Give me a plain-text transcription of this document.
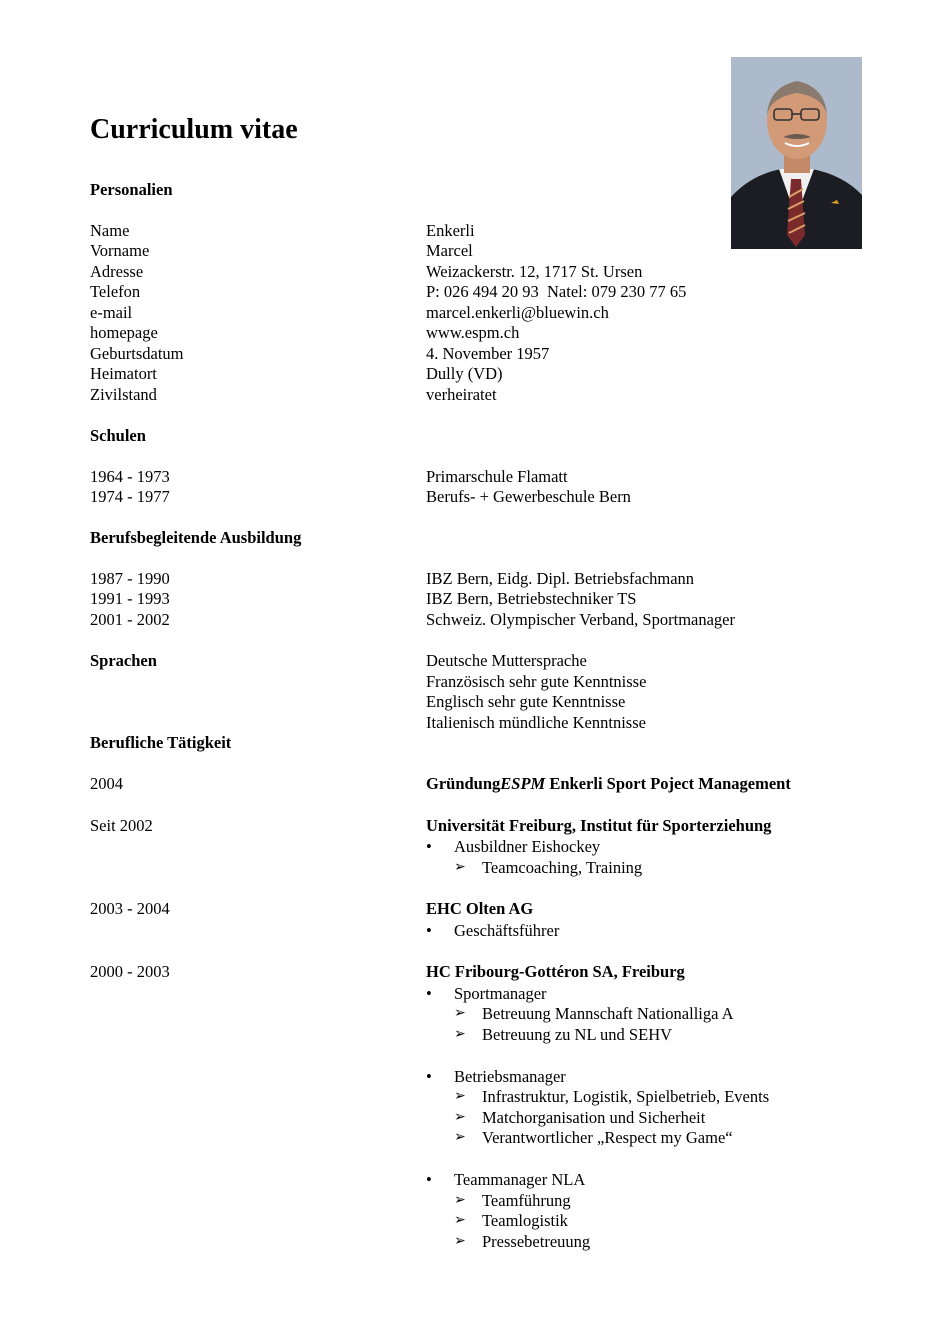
Curriculum vitae
Personalien
Name	Enkerli
Vorname	Marcel
Adresse	Weizackerstr. 12, 1717 St. Ursen
Telefon	P: 026 494 20 93  Natel: 079 230 77 65
e-mail	marcel.enkerli@bluewin.ch
homepage	www.espm.ch
Geburtsdatum	4. November 1957
Heimatort	Dully (VD)
Zivilstand	verheiratet
Schulen
1964 - 1973	Primarschule Flamatt
1974 - 1977	Berufs- + Gewerbeschule Bern
Berufsbegleitende Ausbildung
1987 - 1990	IBZ Bern, Eidg. Dipl. Betriebsfachmann
1991 - 1993	IBZ Bern, Betriebstechniker TS
2001 - 2002	Schweiz. Olympischer Verband, Sportmanager
Sprachen	Deutsche Muttersprache
Französisch sehr gute Kenntnisse
Englisch sehr gute Kenntnisse
Italienisch mündliche Kenntnisse
Berufliche Tätigkeit
2004	GründungESPM Enkerli Sport Poject Management
Seit 2002	Universität Freiburg, Institut für Sporterziehung
• Ausbildner Eishockey
➢ Teamcoaching, Training
2003 - 2004	EHC Olten AG
• Geschäftsführer
2000 - 2003	HC Fribourg-Gottéron SA, Freiburg
• Sportmanager
➢ Betreuung Mannschaft Nationalliga A
➢ Betreuung zu NL und SEHV
• Betriebsmanager
➢ Infrastruktur, Logistik, Spielbetrieb, Events
➢ Matchorganisation und Sicherheit
➢ Verantwortlicher „Respect my Game“
• Teammanager NLA
➢ Teamführung
➢ Teamlogistik
➢ Pressebetreuung
